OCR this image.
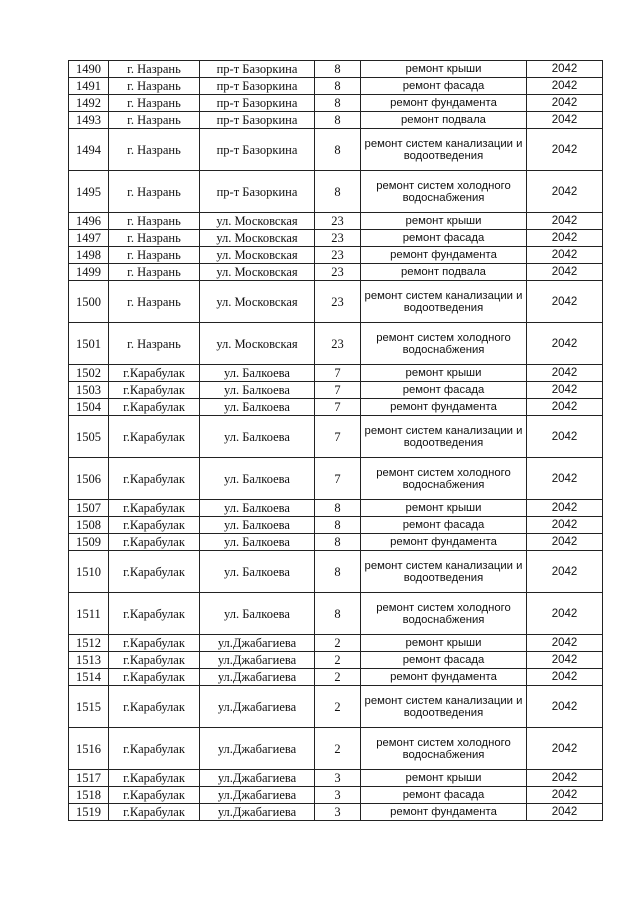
1490	г. Назрань	пр-т Базоркина	8	ремонт крыши	2042
1491	г. Назрань	пр-т Базоркина	8	ремонт фасада	2042
1492	г. Назрань	пр-т Базоркина	8	ремонт фундамента	2042
1493	г. Назрань	пр-т Базоркина	8	ремонт подвала	2042
1494	г. Назрань	пр-т Базоркина	8	ремонт систем канализации и водоотведения	2042
1495	г. Назрань	пр-т Базоркина	8	ремонт систем холодного водоснабжения	2042
1496	г. Назрань	ул. Московская	23	ремонт крыши	2042
1497	г. Назрань	ул. Московская	23	ремонт фасада	2042
1498	г. Назрань	ул. Московская	23	ремонт фундамента	2042
1499	г. Назрань	ул. Московская	23	ремонт подвала	2042
1500	г. Назрань	ул. Московская	23	ремонт систем канализации и водоотведения	2042
1501	г. Назрань	ул. Московская	23	ремонт систем холодного водоснабжения	2042
1502	г.Карабулак	ул. Балкоева	7	ремонт крыши	2042
1503	г.Карабулак	ул. Балкоева	7	ремонт фасада	2042
1504	г.Карабулак	ул. Балкоева	7	ремонт фундамента	2042
1505	г.Карабулак	ул. Балкоева	7	ремонт систем канализации и водоотведения	2042
1506	г.Карабулак	ул. Балкоева	7	ремонт систем холодного водоснабжения	2042
1507	г.Карабулак	ул. Балкоева	8	ремонт крыши	2042
1508	г.Карабулак	ул. Балкоева	8	ремонт фасада	2042
1509	г.Карабулак	ул. Балкоева	8	ремонт фундамента	2042
1510	г.Карабулак	ул. Балкоева	8	ремонт систем канализации и водоотведения	2042
1511	г.Карабулак	ул. Балкоева	8	ремонт систем холодного водоснабжения	2042
1512	г.Карабулак	ул.Джабагиева	2	ремонт крыши	2042
1513	г.Карабулак	ул.Джабагиева	2	ремонт фасада	2042
1514	г.Карабулак	ул.Джабагиева	2	ремонт фундамента	2042
1515	г.Карабулак	ул.Джабагиева	2	ремонт систем канализации и водоотведения	2042
1516	г.Карабулак	ул.Джабагиева	2	ремонт систем холодного водоснабжения	2042
1517	г.Карабулак	ул.Джабагиева	3	ремонт крыши	2042
1518	г.Карабулак	ул.Джабагиева	3	ремонт фасада	2042
1519	г.Карабулак	ул.Джабагиева	3	ремонт фундамента	2042
